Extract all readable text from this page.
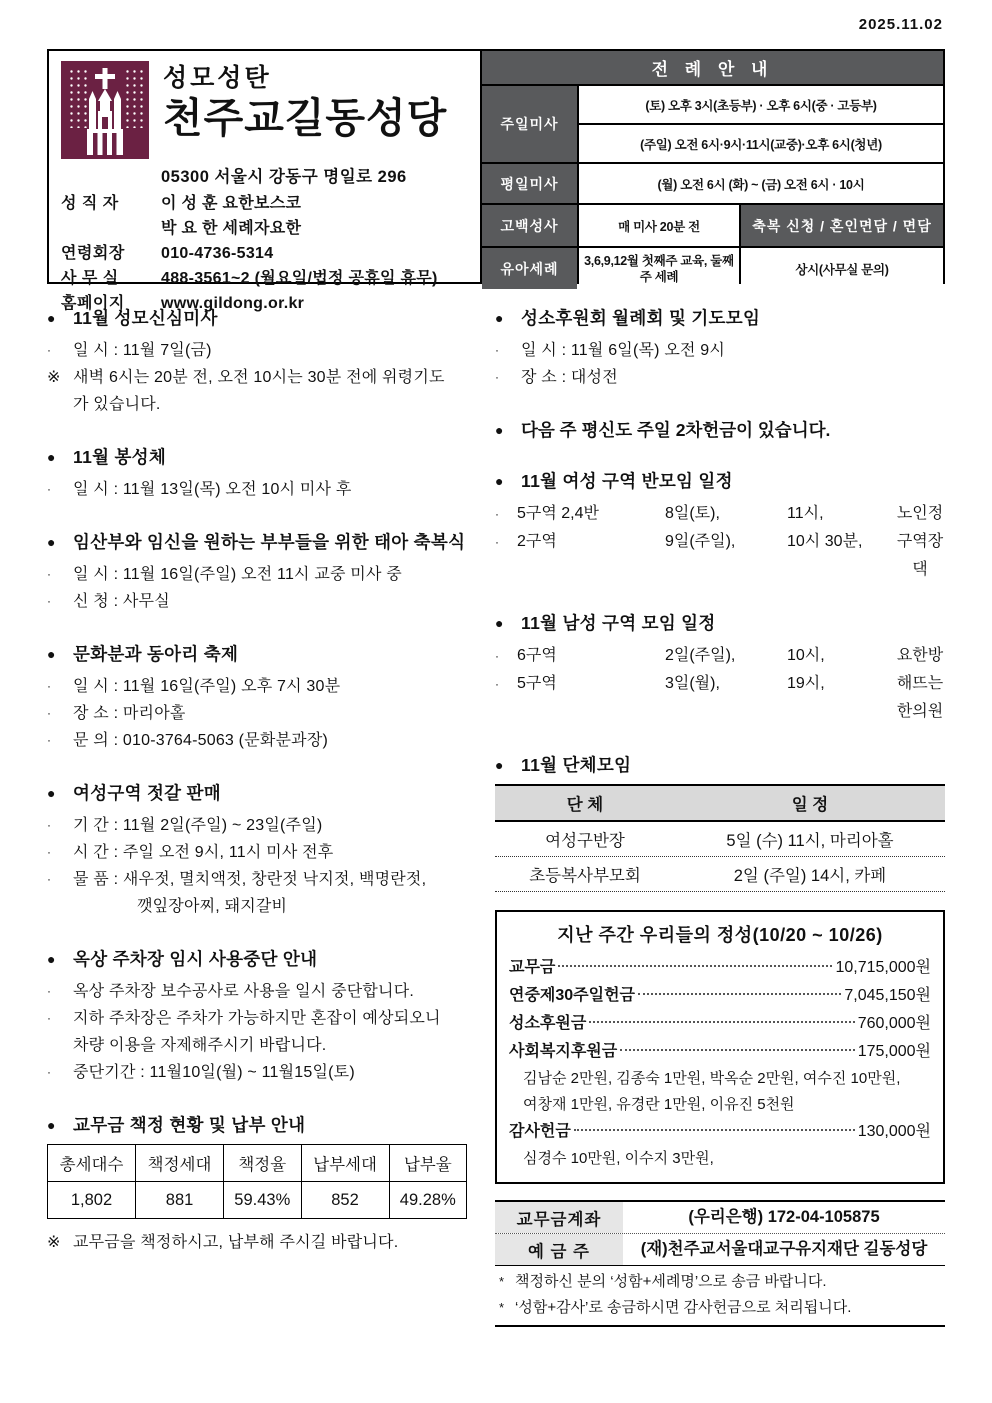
2025.11.02
성모성탄
천주교길동성당
05300 서울시 강동구 명일로 296
성 직 자	이 성 훈 요한보스코
박 요 한 세례자요한
연령회장	010-4736-5314
사 무 실	488-3561~2 (월요일/법정 공휴일 휴무)
홈페이지	www.gildong.or.kr
전 례 안 내
주일미사
(토) 오후 3시(초등부) · 오후 6시(중 · 고등부)
(주일) 오전 6시·9시·11시(교중)·오후 6시(청년)
평일미사	(월) 오전 6시 (화) ~ (금) 오전 6시 · 10시
고백성사	매 미사 20분 전	축복 신청 / 혼인면담 / 면담
유아세례	3,6,9,12월 첫째주 교육, 둘째주 세례	상시(사무실 문의)
● 11월 성모신심미사
·	일 시 : 11월 7일(금)
※ 새벽 6시는 20분 전, 오전 10시는 30분 전에 위령기도
가 있습니다.
● 11월 봉성체
·	일 시 : 11월 13일(목) 오전 10시 미사 후
● 임산부와 임신을 원하는 부부들을 위한 태아 축복식
·	일 시 : 11월 16일(주일) 오전 11시 교중 미사 중
·	신 청 : 사무실
● 문화분과 동아리 축제
·	일 시 : 11월 16일(주일) 오후 7시 30분
·	장 소 : 마리아홀
·	문 의 : 010-3764-5063 (문화분과장)
● 여성구역 젓갈 판매
·	기 간 : 11월 2일(주일) ~ 23일(주일)
·	시 간 : 주일 오전 9시, 11시 미사 전후
·	물 품 : 새우젓, 멸치액젓, 창란젓 낙지젓, 백명란젓,
깻잎장아찌, 돼지갈비
● 옥상 주차장 임시 사용중단 안내
·	옥상 주차장 보수공사로 사용을 일시 중단합니다.
·	지하 주차장은 주차가 가능하지만 혼잡이 예상되오니
차량 이용을 자제해주시기 바랍니다.
·	중단기간 : 11월10일(월) ~ 11월15일(토)
● 교무금 책정 현황 및 납부 안내
총세대수	책정세대	책정율	납부세대	납부율
1,802	881	59.43%	852	49.28%
※ 교무금을 책정하시고, 납부해 주시길 바랍니다.
● 성소후원회 월례회 및 기도모임
·	일 시 : 11월 6일(목) 오전 9시
·	장 소 : 대성전
●	다음 주 평신도 주일 2차헌금이 있습니다.
● 11월 여성 구역 반모임 일정
·	5구역 2,4반	8일(토),	11시,	노인정
·	2구역	9일(주일),	10시 30분,	구역장댁
● 11월 남성 구역 모임 일정
·	6구역	2일(주일),	10시,	요한방
·	5구역	3일(월),	19시,	해뜨는한의원
● 11월 단체모임
단 체	일 정
여성구반장	5일 (수) 11시, 마리아홀
초등복사부모회	2일 (주일) 14시, 카페
지난 주간 우리들의 정성(10/20 ~ 10/26)
교무금	10,715,000원
연중제30주일헌금	7,045,150원
성소후원금	760,000원
사회복지후원금	175,000원
김남순 2만원, 김종숙 1만원, 박옥순 2만원, 여수진 10만원,
여창재 1만원, 유경란 1만원, 이유진 5천원
감사헌금	130,000원
심경수 10만원, 이수지 3만원,
교무금계좌	(우리은행) 172-04-105875
예 금 주	(재)천주교서울대교구유지재단 길동성당
* 책정하신 분의 ‘성함+세례명’으로 송금 바랍니다.
* ‘성함+감사’로 송금하시면 감사헌금으로 처리됩니다.
